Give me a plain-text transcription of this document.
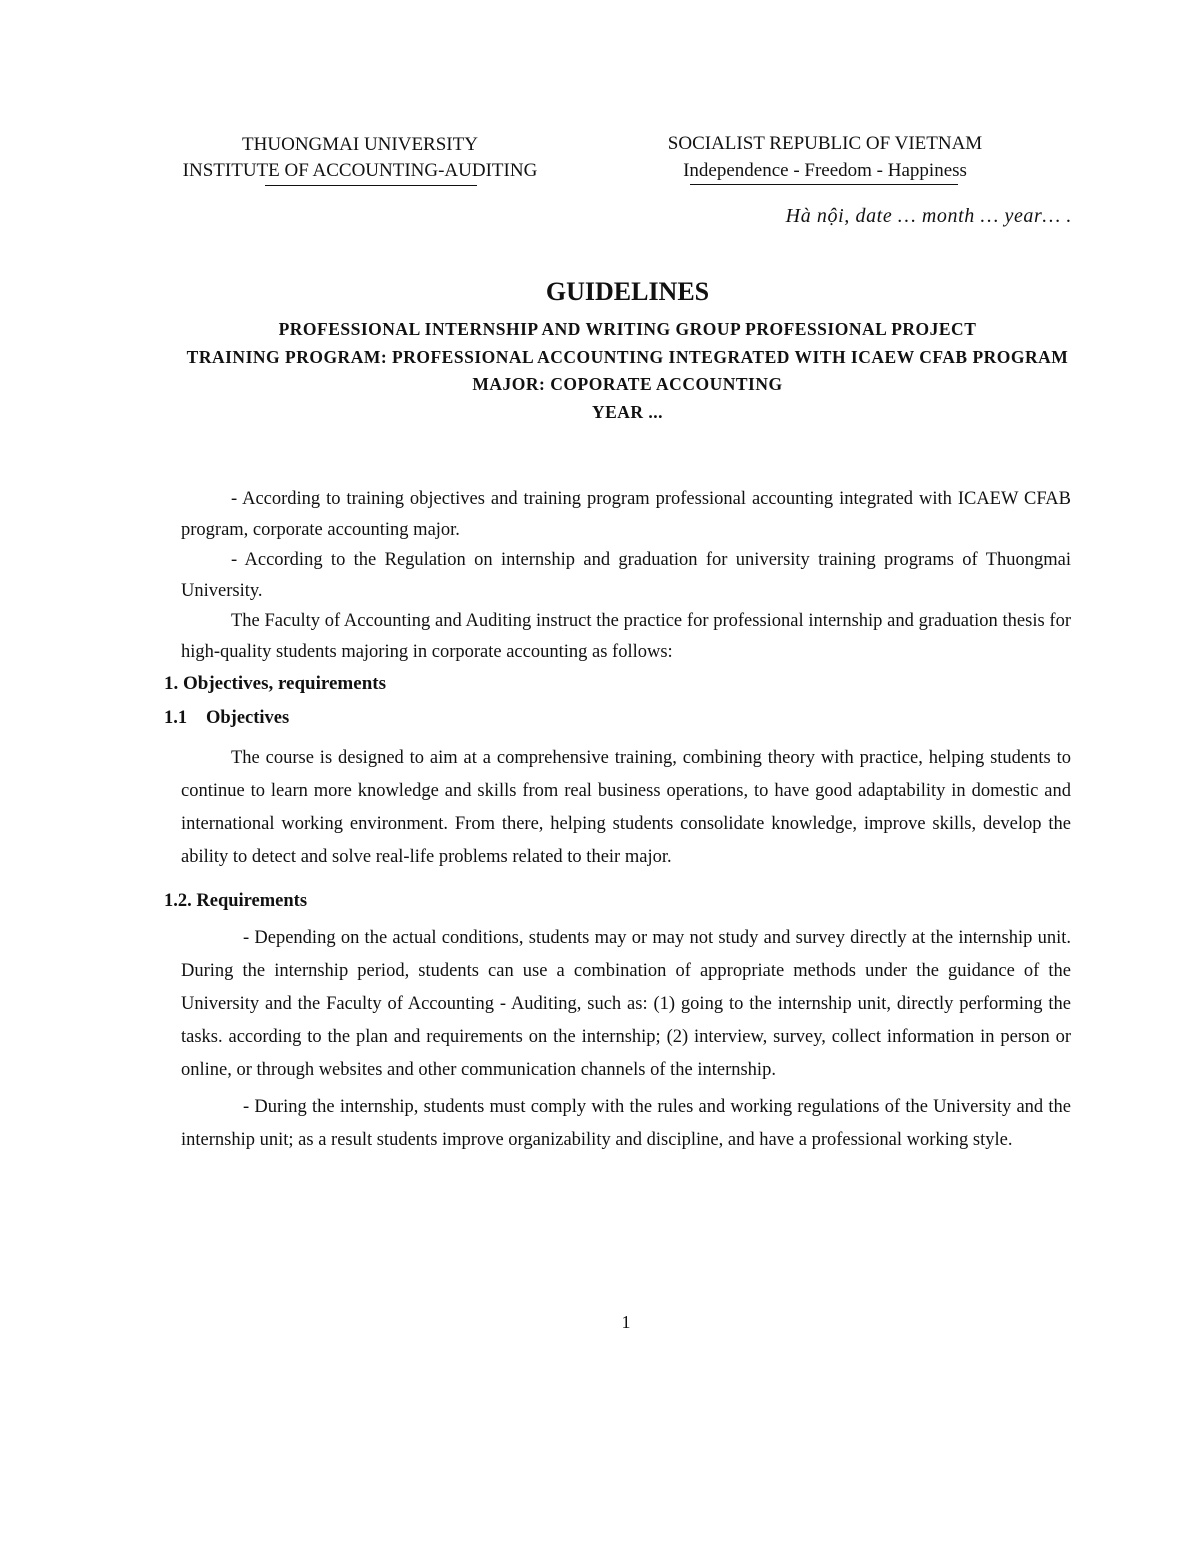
THUONGMAI UNIVERSITY
INSTITUTE OF ACCOUNTING-AUDITING
SOCIALIST REPUBLIC OF VIETNAM
Independence - Freedom - Happiness
Hà nội, date … month … year… .
GUIDELINES
PROFESSIONAL INTERNSHIP AND WRITING GROUP PROFESSIONAL PROJECT
TRAINING PROGRAM: PROFESSIONAL ACCOUNTING INTEGRATED WITH ICAEW CFAB PROGRAM
MAJOR: COPORATE ACCOUNTING
YEAR ...

- According to training objectives and training program professional accounting integrated with ICAEW CFAB program, corporate accounting major.

- According to the Regulation on internship and graduation for university training programs of Thuongmai University.

The Faculty of Accounting and Auditing instruct the practice for professional internship and graduation thesis for high-quality students majoring in corporate accounting as follows:

1. Objectives, requirements

1.1 Objectives

The course is designed to aim at a comprehensive training, combining theory with practice, helping students to continue to learn more knowledge and skills from real business operations, to have good adaptability in domestic and international working environment. From there, helping students consolidate knowledge, improve skills, develop the ability to detect and solve real-life problems related to their major.

1.2. Requirements

- Depending on the actual conditions, students may or may not study and survey directly at the internship unit. During the internship period, students can use a combination of appropriate methods under the guidance of the University and the Faculty of Accounting - Auditing, such as: (1) going to the internship unit, directly performing the tasks. according to the plan and requirements on the internship; (2) interview, survey, collect information in person or online, or through websites and other communication channels of the internship.

- During the internship, students must comply with the rules and working regulations of the University and the internship unit; as a result students improve organizability and discipline, and have a professional working style.

1
